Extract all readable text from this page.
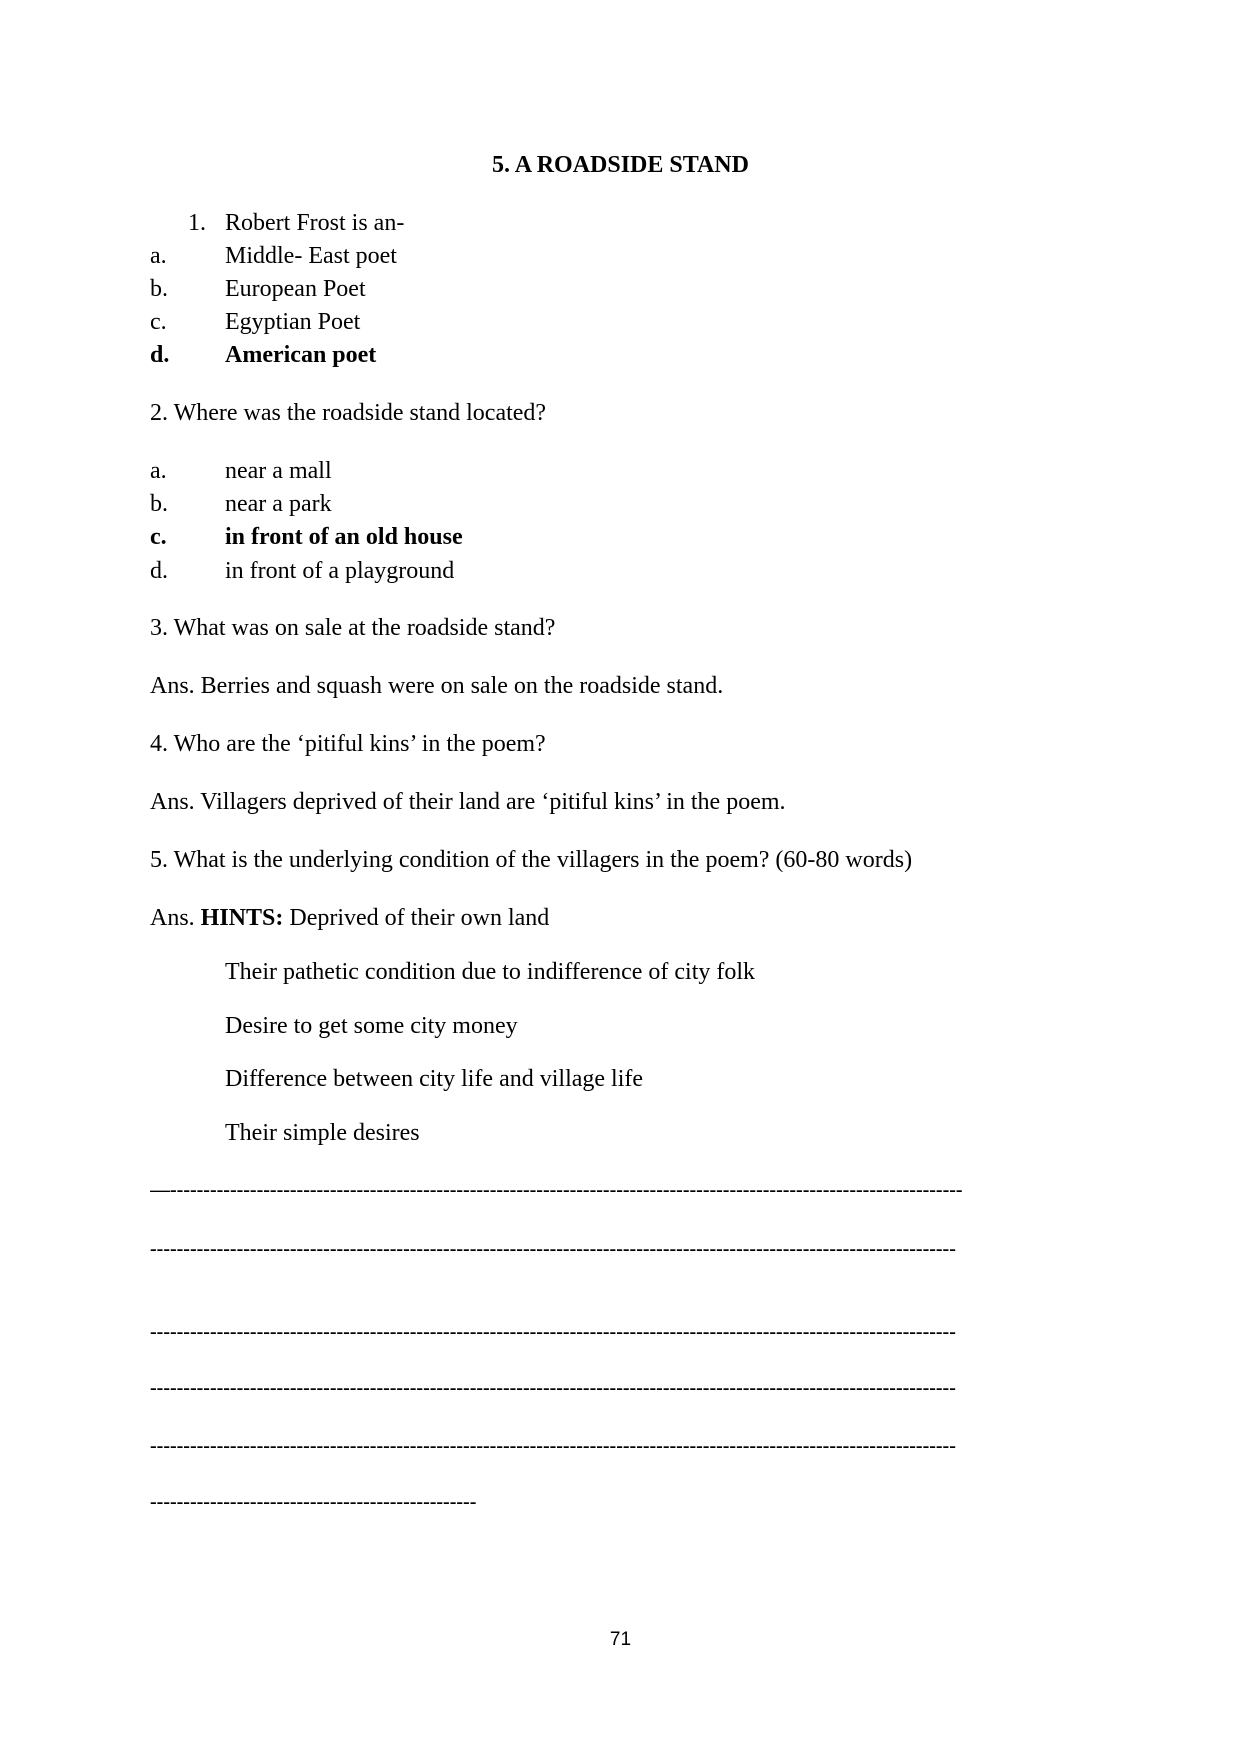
5. A ROADSIDE STAND
1. Robert Frost is an-
a. Middle- East poet
b. European Poet
c. Egyptian Poet
d. American poet
2. Where was the roadside stand located?
a. near a mall
b. near a park
c. in front of an old house
d. in front of a playground
3. What was on sale at the roadside stand?
Ans. Berries and squash were on sale on the roadside stand.
4. Who are the ‘pitiful kins’ in the poem?
Ans. Villagers deprived of their land are ‘pitiful kins’ in the poem.
5. What is the underlying condition of the villagers in the poem? (60-80 words)
Ans. HINTS: Deprived of their own land
Their pathetic condition due to indifference of city folk
Desire to get some city money
Difference between city life and village life
Their simple desires
—-----------------------------------------------------------------------------------------------------------------------
-------------------------------------------------------------------------------------------------------------------------
-------------------------------------------------------------------------------------------------------------------------
-------------------------------------------------------------------------------------------------------------------------
-------------------------------------------------------------------------------------------------------------------------
-------------------------------------------------
71
